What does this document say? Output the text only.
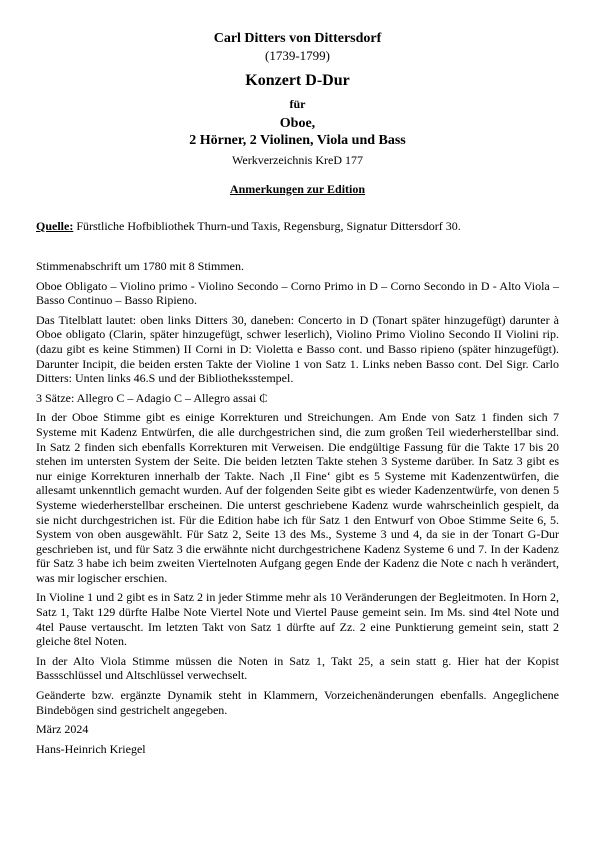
Carl Ditters von Dittersdorf
(1739-1799)
Konzert D-Dur
für
Oboe,
2 Hörner, 2 Violinen, Viola und Bass
Werkverzeichnis KreD 177
Anmerkungen zur Edition
Quelle: Fürstliche Hofbibliothek Thurn-und Taxis, Regensburg, Signatur Dittersdorf 30.

Stimmenabschrift um 1780 mit 8 Stimmen.

Oboe Obligato – Violino primo - Violino Secondo – Corno Primo in D – Corno Secondo in D - Alto Viola – Basso Continuo – Basso Ripieno.

Das Titelblatt lautet: oben links Ditters 30, daneben: Concerto in D (Tonart später hinzugefügt) darunter à Oboe obligato (Clarin, später hinzugefügt, schwer leserlich), Violino Primo Violino Secondo II Violini rip. (dazu gibt es keine Stimmen) II Corni in D: Violetta e Basso cont. und Basso ripieno (später hinzugefügt). Darunter Incipit, die beiden ersten Takte der Violine 1 von Satz 1. Links neben Basso cont. Del Sigr. Carlo Ditters: Unten links 46.S und der Bibliotheksstempel.

3 Sätze: Allegro C – Adagio C – Allegro assai ₵

In der Oboe Stimme gibt es einige Korrekturen und Streichungen. Am Ende von Satz 1 finden sich 7 Systeme mit Kadenz Entwürfen, die alle durchgestrichen sind, die zum großen Teil wiederherstellbar sind. In Satz 2 finden sich ebenfalls Korrekturen mit Verweisen. Die endgültige Fassung für die Takte 17 bis 20 stehen im untersten System der Seite. Die beiden letzten Takte stehen 3 Systeme darüber. In Satz 3 gibt es nur einige Korrekturen innerhalb der Takte. Nach ‚Il Fine‘ gibt es 5 Systeme mit Kadenzentwürfen, die allesamt unkenntlich gemacht wurden. Auf der folgenden Seite gibt es wieder Kadenzentwürfe, von denen 5 Systeme wiederherstellbar erscheinen. Die unterst geschriebene Kadenz wurde wahrscheinlich gespielt, da sie nicht durchgestrichen ist. Für die Edition habe ich für Satz 1 den Entwurf von Oboe Stimme Seite 6, 5. System von oben ausgewählt. Für Satz 2, Seite 13 des Ms., Systeme 3 und 4, da sie in der Tonart G-Dur geschrieben ist, und für Satz 3 die erwähnte nicht durchgestrichene Kadenz Systeme 6 und 7. In der Kadenz für Satz 3 habe ich beim zweiten Viertelnoten Aufgang gegen Ende der Kadenz die Note c nach h verändert, was mir logischer erschien.

In Violine 1 und 2 gibt es in Satz 2 in jeder Stimme mehr als 10 Veränderungen der Begleitmoten. In Horn 2, Satz 1, Takt 129 dürfte Halbe Note Viertel Note und Viertel Pause gemeint sein. Im Ms. sind 4tel Note und 4tel Pause vertauscht. Im letzten Takt von Satz 1 dürfte auf Zz. 2 eine Punktierung gemeint sein, statt 2 gleiche 8tel Noten.

In der Alto Viola Stimme müssen die Noten in Satz 1, Takt 25, a sein statt g. Hier hat der Kopist Bassschlüssel und Altschlüssel verwechselt.

Geänderte bzw. ergänzte Dynamik steht in Klammern, Vorzeichenänderungen ebenfalls. Angeglichene Bindebögen sind gestrichelt angegeben.

März 2024

Hans-Heinrich Kriegel
